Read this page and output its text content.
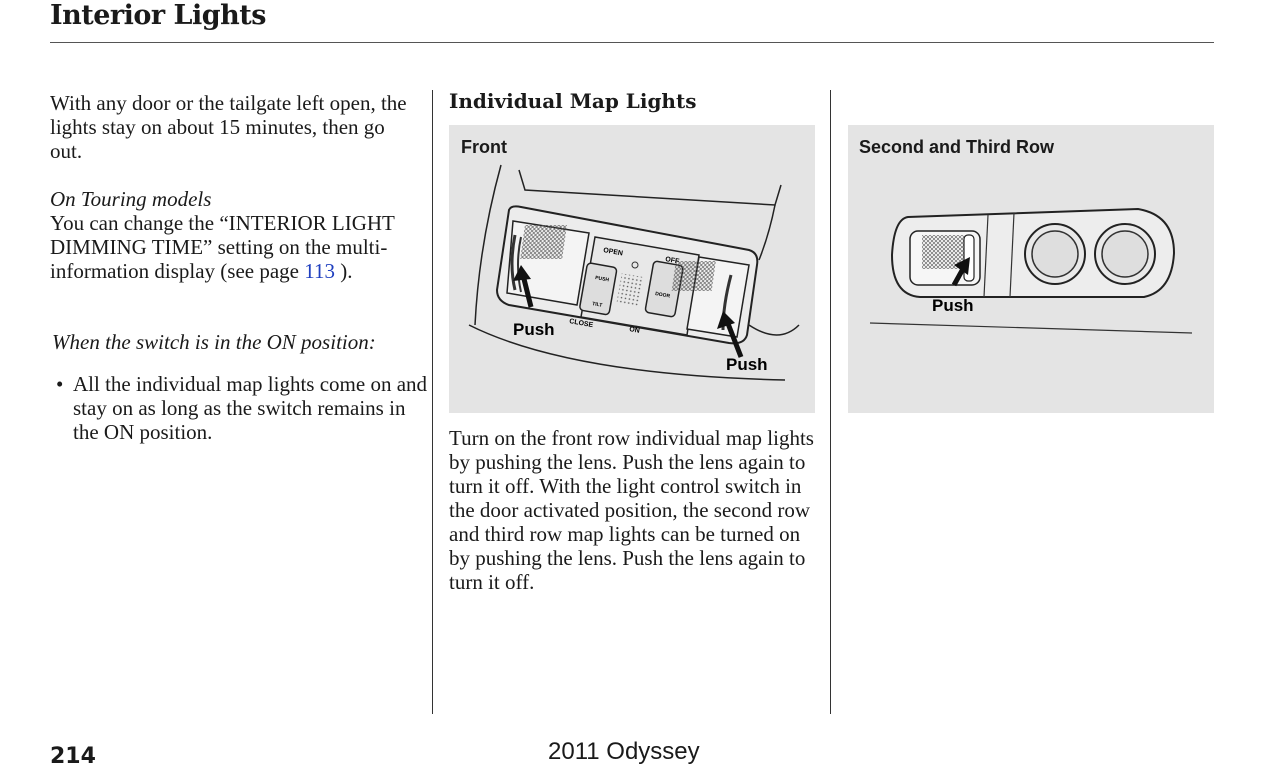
Interior Lights

With any door or the tailgate left open, the lights stay on about 15 minutes, then go out.

On Touring models

You can change the “INTERIOR LIGHT DIMMING TIME” setting on the multi-information display (see page 113 ).

When the switch is in the ON position:

• All the individual map lights come on and stay on as long as the switch remains in the ON position.
Individual Map Lights
Front
OPEN
PUSH
TILT
CLOSE
OFF
DOOR
ON
Push
Push

Turn on the front row individual map lights by pushing the lens. Push the lens again to turn it off. With the light control switch in the door activated position, the second row and third row map lights can be turned on by pushing the lens. Push the lens again to turn it off.

Second and Third Row
Push
214	2011 Odyssey
